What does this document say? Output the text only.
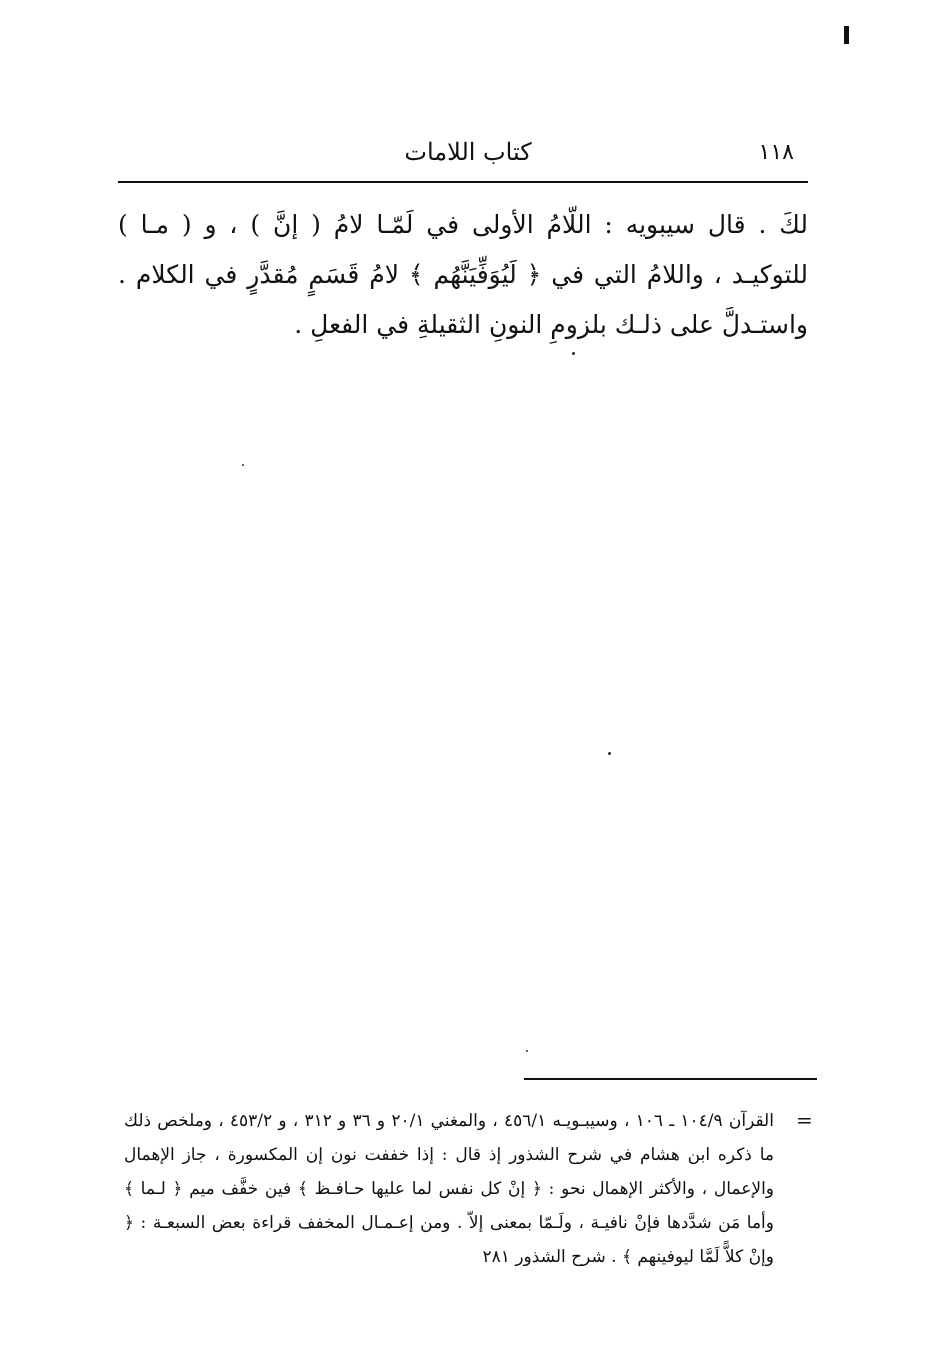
كتاب اللامات	١١٨

لكَ . قال سيبويه : اللّامُ الأولى في لَمّـا لامُ ( إنَّ ) ، و ( مـا ) للتوكيـد ، واللامُ التي في ﴿ لَيُوَفِّيَنَّهُم ﴾ لامُ قَسَمٍ مُقدَّرٍ في الكلام . واستـدلَّ على ذلـك بلزومِ النونِ الثقيلةِ في الفعلِ .

=

القرآن ١٠٤/٩ ـ ١٠٦ ، وسيبـويـه ٤٥٦/١ ، والمغني ٢٠/١ و ٣٦ و ٣١٢ ، و ٤٥٣/٢ ، وملخص ذلك ما ذكره ابن هشام في شرح الشذور إذ قال : إذا خففت نون إن المكسورة ، جاز الإهمال والإعمال ، والأكثر الإهمال نحو : ﴿ إنْ كل نفس لما عليها حـافـظ ﴾ فين خفَّف ميم ﴿ لـما ﴾ وأما مَن شدَّدها فإنْ نافيـة ، ولَـمّا بمعنى إلاّ . ومن إعـمـال المخفف قراءة بعض السبعـة : ﴿ وإنْ كلاًّ لَمَّا ليوفينهم ﴾ . شرح الشذور ٢٨١
